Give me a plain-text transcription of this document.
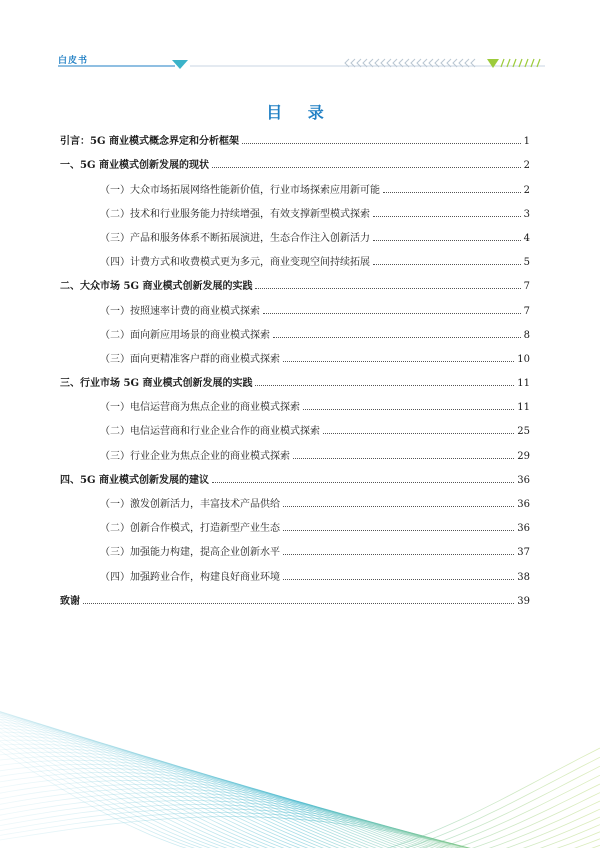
白皮书
目 录
引言：5G 商业模式概念界定和分析框架	1
一、5G 商业模式创新发展的现状	2
（一）大众市场拓展网络性能新价值，行业市场探索应用新可能	2
（二）技术和行业服务能力持续增强，有效支撑新型模式探索	3
（三）产品和服务体系不断拓展演进，生态合作注入创新活力	4
（四）计费方式和收费模式更为多元，商业变现空间持续拓展	5
二、大众市场 5G 商业模式创新发展的实践	7
（一）按照速率计费的商业模式探索	7
（二）面向新应用场景的商业模式探索	8
（三）面向更精准客户群的商业模式探索	10
三、行业市场 5G 商业模式创新发展的实践	11
（一）电信运营商为焦点企业的商业模式探索	11
（二）电信运营商和行业企业合作的商业模式探索	25
（三）行业企业为焦点企业的商业模式探索	29
四、5G 商业模式创新发展的建议	36
（一）激发创新活力，丰富技术产品供给	36
（二）创新合作模式，打造新型产业生态	36
（三）加强能力构建，提高企业创新水平	37
（四）加强跨业合作，构建良好商业环境	38
致谢	39
